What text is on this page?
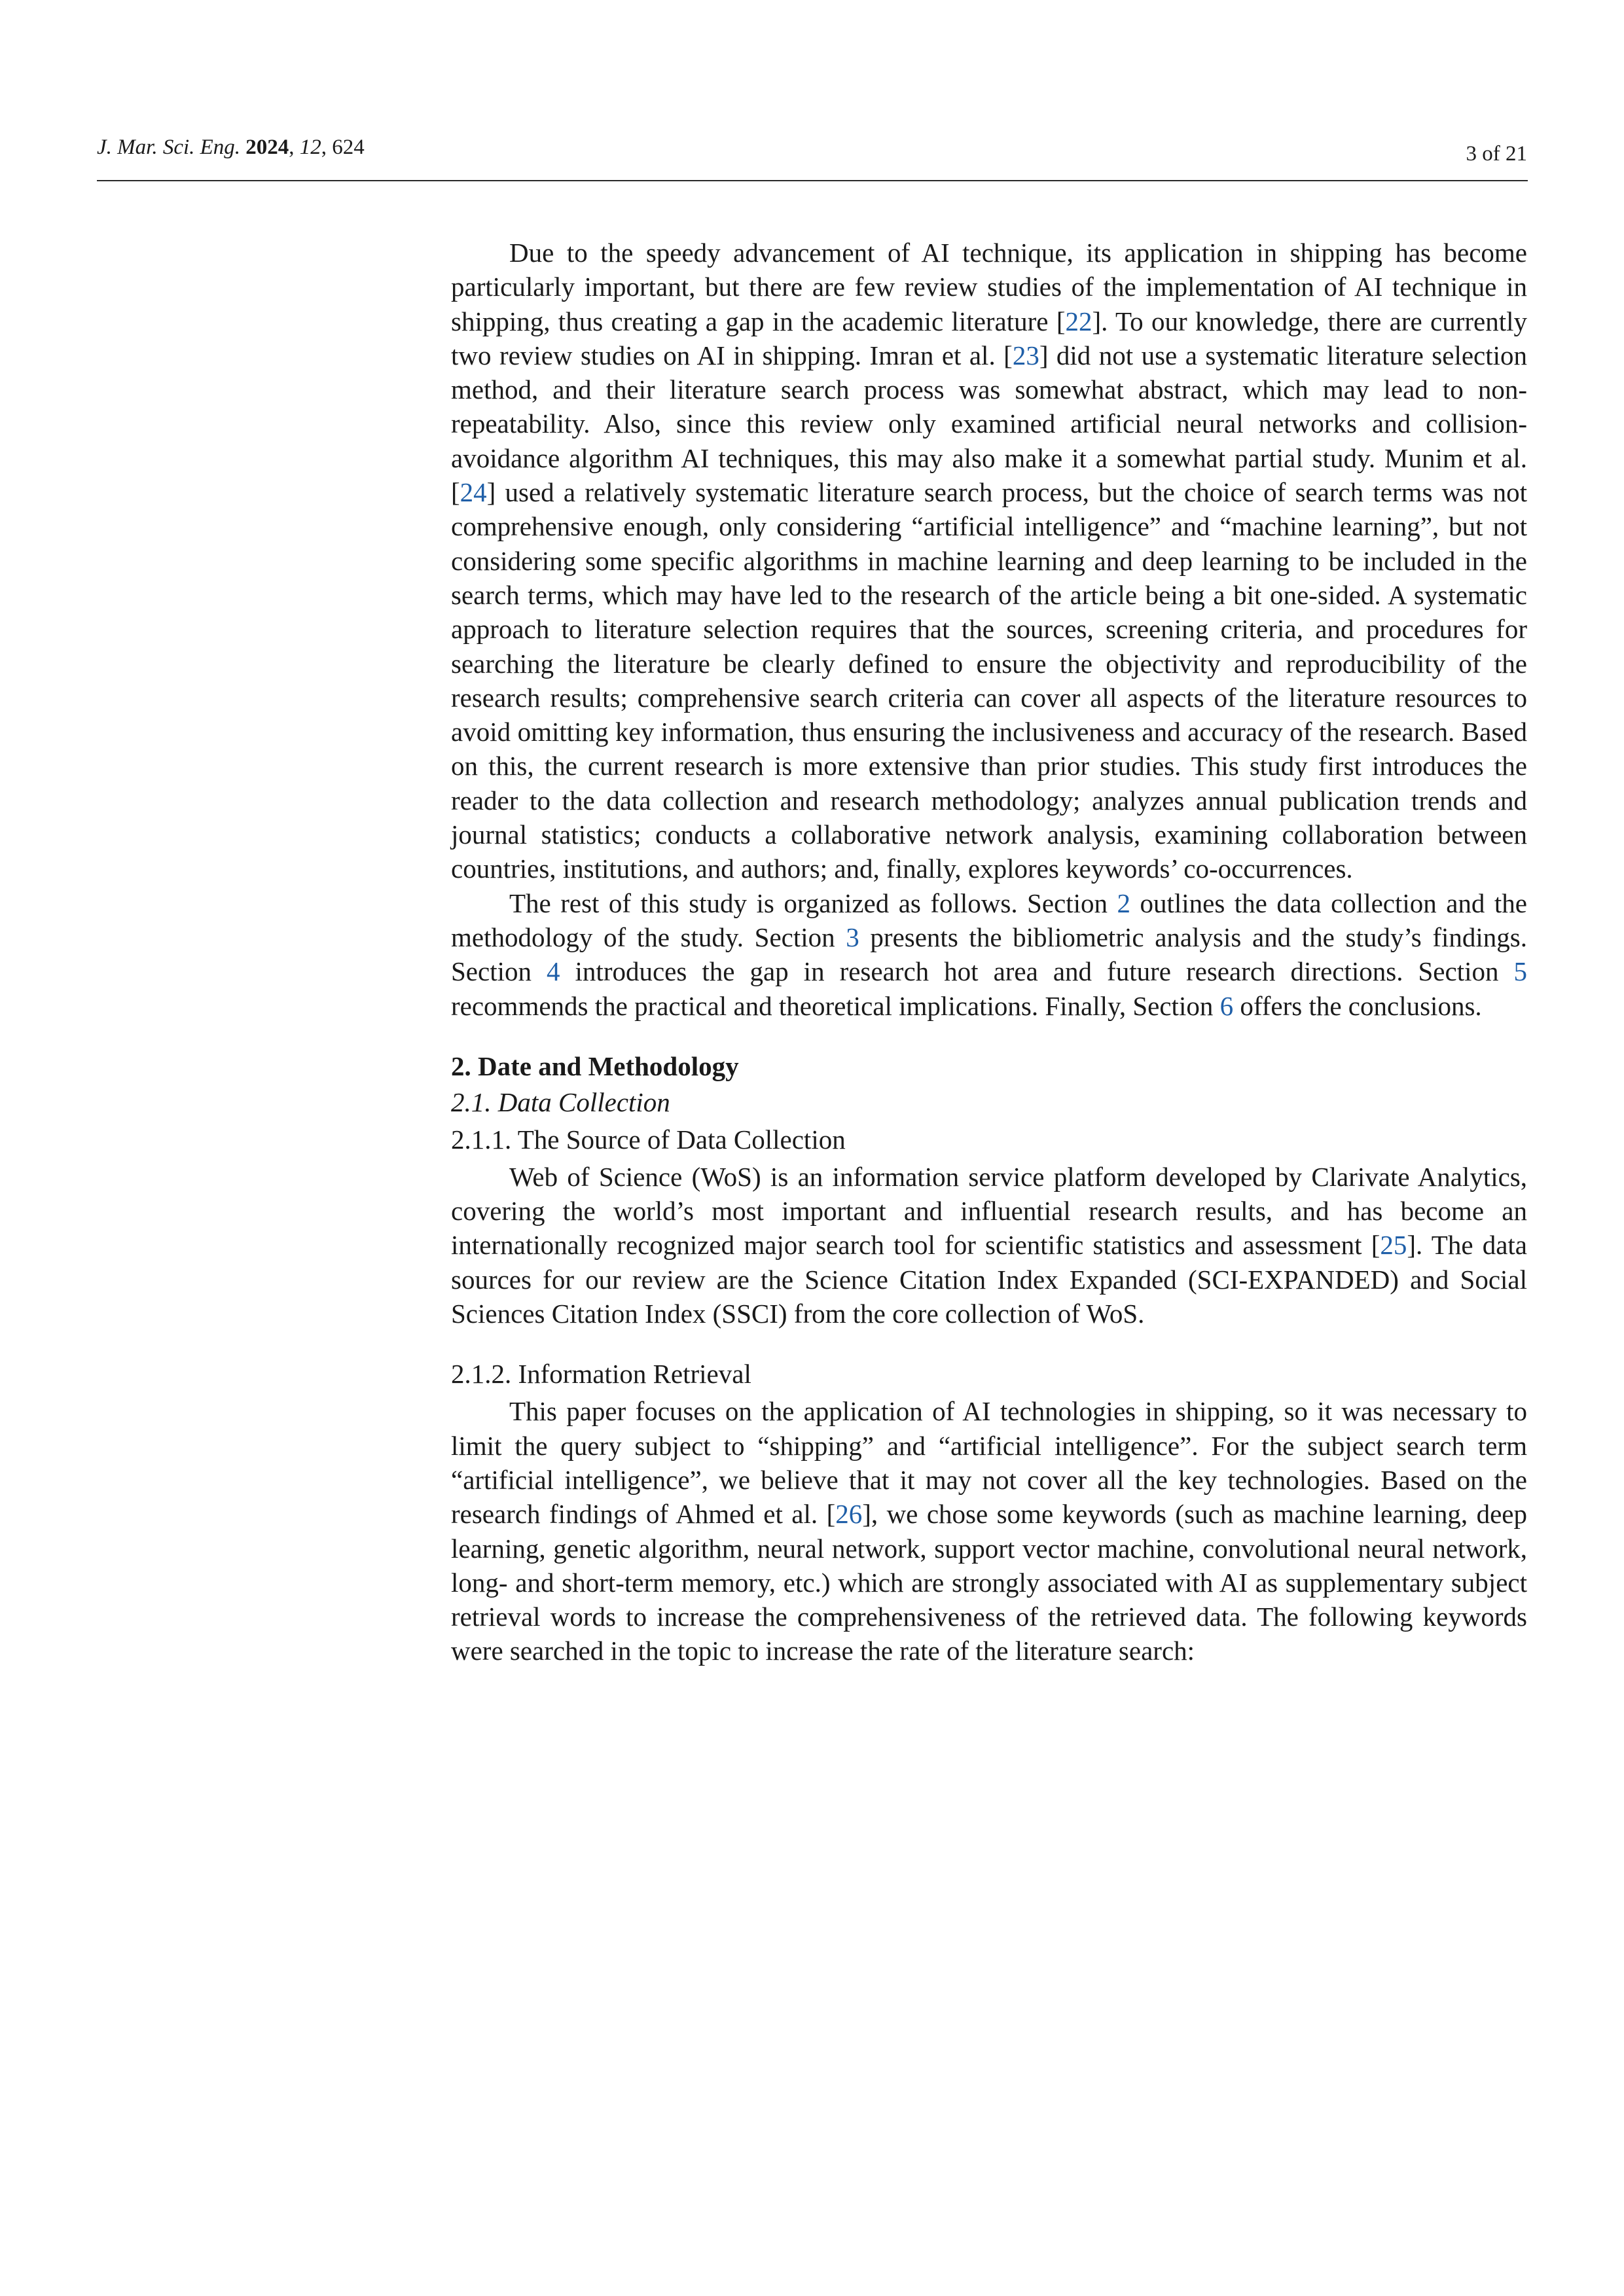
J. Mar. Sci. Eng. 2024, 12, 624	3 of 21

Due to the speedy advancement of AI technique, its application in shipping has become particularly important, but there are few review studies of the implementation of AI technique in shipping, thus creating a gap in the academic literature [22]. To our knowledge, there are currently two review studies on AI in shipping. Imran et al. [23] did not use a systematic literature selection method, and their literature search process was somewhat abstract, which may lead to non-repeatability. Also, since this review only examined artificial neural networks and collision-avoidance algorithm AI techniques, this may also make it a somewhat partial study. Munim et al. [24] used a relatively systematic literature search process, but the choice of search terms was not comprehensive enough, only considering “artificial intelligence” and “machine learning”, but not considering some specific algorithms in machine learning and deep learning to be included in the search terms, which may have led to the research of the article being a bit one-sided. A systematic approach to literature selection requires that the sources, screening criteria, and procedures for searching the literature be clearly defined to ensure the objectivity and reproducibility of the research results; comprehensive search criteria can cover all aspects of the literature resources to avoid omitting key information, thus ensuring the inclusiveness and accuracy of the research. Based on this, the current research is more extensive than prior studies. This study first introduces the reader to the data collection and research methodology; analyzes annual publication trends and journal statistics; conducts a collaborative network analysis, examining collaboration between countries, institutions, and authors; and, finally, explores keywords’ co-occurrences.

The rest of this study is organized as follows. Section 2 outlines the data collection and the methodology of the study. Section 3 presents the bibliometric analysis and the study’s findings. Section 4 introduces the gap in research hot area and future research directions. Section 5 recommends the practical and theoretical implications. Finally, Section 6 offers the conclusions.

2. Date and Methodology
2.1. Data Collection
2.1.1. The Source of Data Collection

Web of Science (WoS) is an information service platform developed by Clarivate Analytics, covering the world’s most important and influential research results, and has become an internationally recognized major search tool for scientific statistics and assessment [25]. The data sources for our review are the Science Citation Index Expanded (SCI-EXPANDED) and Social Sciences Citation Index (SSCI) from the core collection of WoS.

2.1.2. Information Retrieval

This paper focuses on the application of AI technologies in shipping, so it was necessary to limit the query subject to “shipping” and “artificial intelligence”. For the subject search term “artificial intelligence”, we believe that it may not cover all the key technologies. Based on the research findings of Ahmed et al. [26], we chose some keywords (such as machine learning, deep learning, genetic algorithm, neural network, support vector machine, convolutional neural network, long- and short-term memory, etc.) which are strongly associated with AI as supplementary subject retrieval words to increase the comprehensiveness of the retrieved data. The following keywords were searched in the topic to increase the rate of the literature search:
